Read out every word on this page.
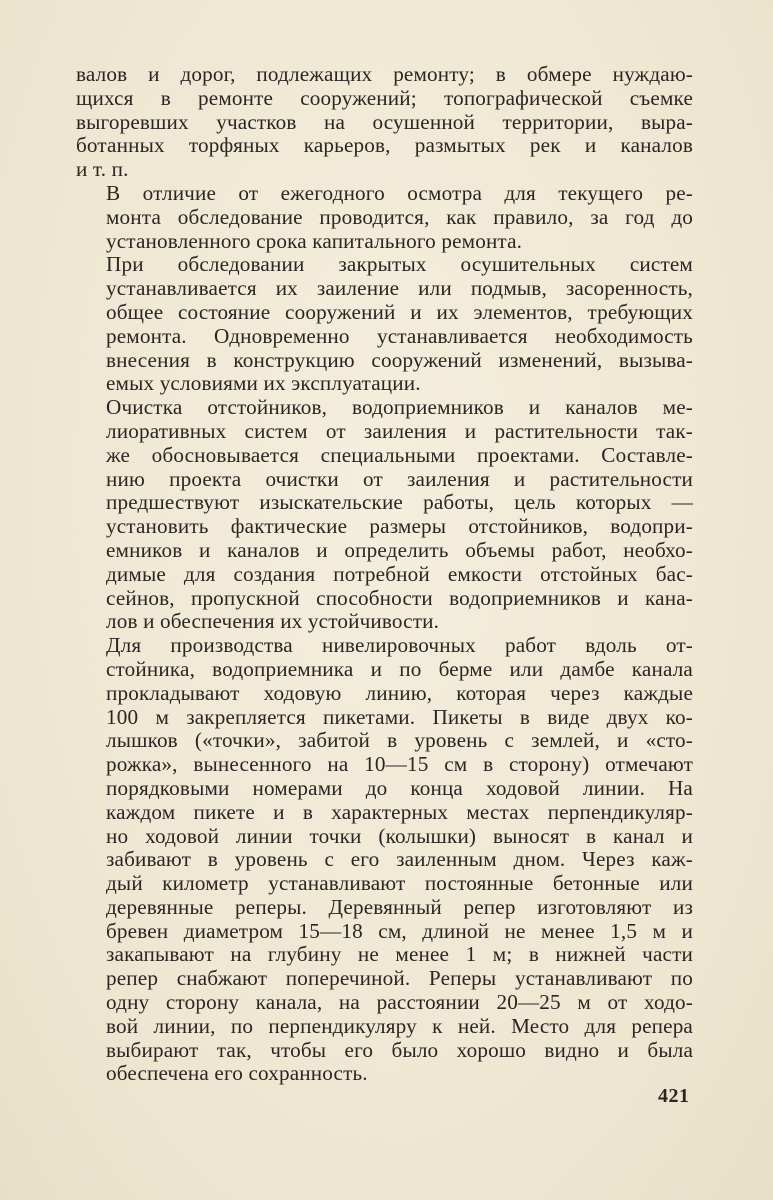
валов и дорог, подлежащих ремонту; в обмере нуждаю-
щихся в ремонте сооружений; топографической съемке
выгоревших участков на осушенной территории, выра-
ботанных торфяных карьеров, размытых рек и каналов
и т. п.

В отличие от ежегодного осмотра для текущего ре-
монта обследование проводится, как правило, за год до
установленного срока капитального ремонта.

При обследовании закрытых осушительных систем
устанавливается их заиление или подмыв, засоренность,
общее состояние сооружений и их элементов, требующих
ремонта. Одновременно устанавливается необходимость
внесения в конструкцию сооружений изменений, вызыва-
емых условиями их эксплуатации.

Очистка отстойников, водоприемников и каналов ме-
лиоративных систем от заиления и растительности так-
же обосновывается специальными проектами. Составле-
нию проекта очистки от заиления и растительности
предшествуют изыскательские работы, цель которых —
установить фактические размеры отстойников, водопри-
емников и каналов и определить объемы работ, необхо-
димые для создания потребной емкости отстойных бас-
сейнов, пропускной способности водоприемников и кана-
лов и обеспечения их устойчивости.

Для производства нивелировочных работ вдоль от-
стойника, водоприемника и по берме или дамбе канала
прокладывают ходовую линию, которая через каждые
100 м закрепляется пикетами. Пикеты в виде двух ко-
лышков («точки», забитой в уровень с землей, и «сто-
рожка», вынесенного на 10—15 см в сторону) отмечают
порядковыми номерами до конца ходовой линии. На
каждом пикете и в характерных местах перпендикуляр-
но ходовой линии точки (колышки) выносят в канал и
забивают в уровень с его заиленным дном. Через каж-
дый километр устанавливают постоянные бетонные или
деревянные реперы. Деревянный репер изготовляют из
бревен диаметром 15—18 см, длиной не менее 1,5 м и
закапывают на глубину не менее 1 м; в нижней части
репер снабжают поперечиной. Реперы устанавливают по
одну сторону канала, на расстоянии 20—25 м от ходо-
вой линии, по перпендикуляру к ней. Место для репера
выбирают так, чтобы его было хорошо видно и была
обеспечена его сохранность.

421
